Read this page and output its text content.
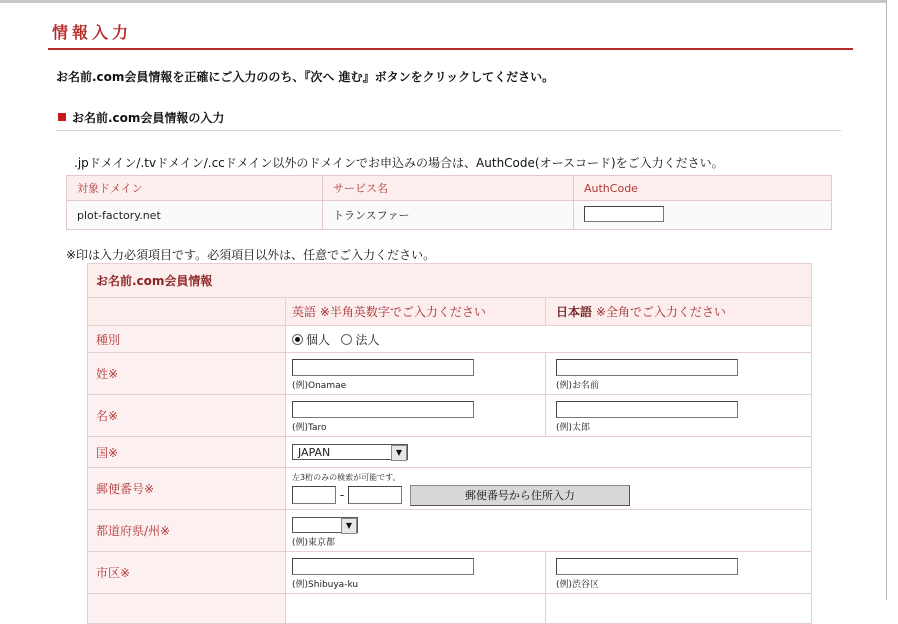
情報入力
お名前.com会員情報を正確にご入力ののち、『次へ 進む』ボタンをクリックしてください。
お名前.com会員情報の入力
.jpドメイン/.tvドメイン/.ccドメイン以外のドメインでお申込みの場合は、AuthCode(オースコード)をご入力ください。
対象ドメイン	サービス名	AuthCode
plot-factory.net	トランスファー	
※印は入力必須項目です。必須項目以外は、任意でご入力ください。
お名前.com会員情報		
	英語 ※半角英数字でご入力ください	日本語 ※全角でご入力ください
種別	個人 法人	
姓※	(例)Onamae	(例)お名前

名※	(例)Taro	(例)太郎

国※	JAPAN ▼	

郵便番号※	左3桁のみの検索が可能です。
- 郵便番号から住所入力	
都道府県/州※	▼
(例)東京都	

市区※	(例)Shibuya-ku	(例)渋谷区
